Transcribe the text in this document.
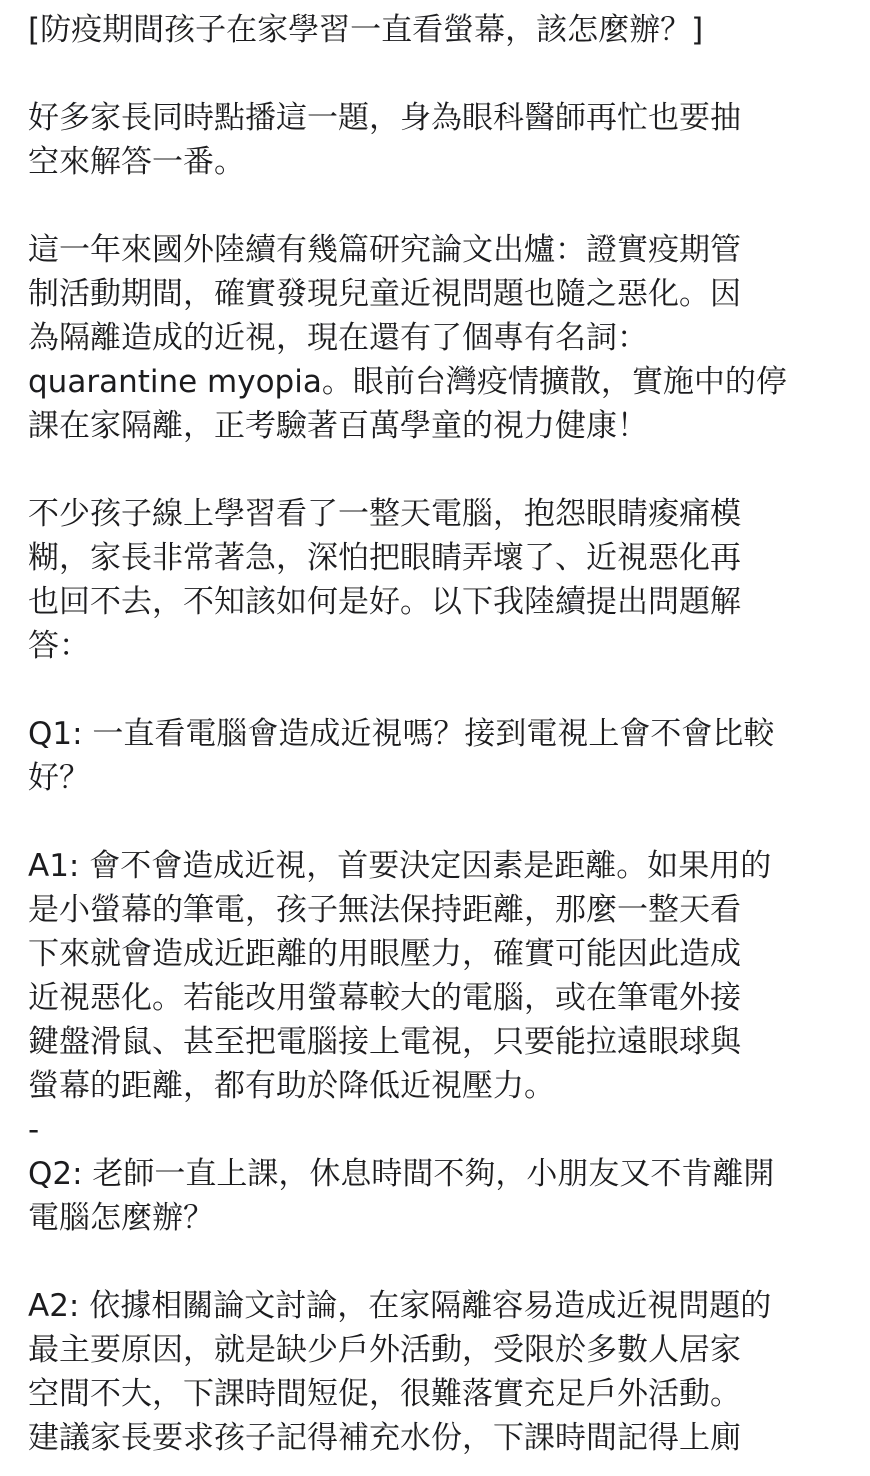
[防疫期間孩子在家學習一直看螢幕，該怎麼辦？]
好多家長同時點播這一題，身為眼科醫師再忙也要抽
空來解答一番。
這一年來國外陸續有幾篇研究論文出爐：證實疫期管
制活動期間，確實發現兒童近視問題也隨之惡化。因
為隔離造成的近視，現在還有了個專有名詞：
quarantine myopia。眼前台灣疫情擴散，實施中的停
課在家隔離，正考驗著百萬學童的視力健康！
不少孩子線上學習看了一整天電腦，抱怨眼睛痠痛模
糊，家長非常著急，深怕把眼睛弄壞了、近視惡化再
也回不去，不知該如何是好。以下我陸續提出問題解
答：
Q1: 一直看電腦會造成近視嗎？接到電視上會不會比較
好？
A1: 會不會造成近視，首要決定因素是距離。如果用的
是小螢幕的筆電，孩子無法保持距離，那麼一整天看
下來就會造成近距離的用眼壓力，確實可能因此造成
近視惡化。若能改用螢幕較大的電腦，或在筆電外接
鍵盤滑鼠、甚至把電腦接上電視，只要能拉遠眼球與
螢幕的距離，都有助於降低近視壓力。
-
Q2: 老師一直上課，休息時間不夠，小朋友又不肯離開
電腦怎麼辦？
A2: 依據相關論文討論，在家隔離容易造成近視問題的
最主要原因，就是缺少戶外活動，受限於多數人居家
空間不大，下課時間短促，很難落實充足戶外活動。
建議家長要求孩子記得補充水份，下課時間記得上廁
